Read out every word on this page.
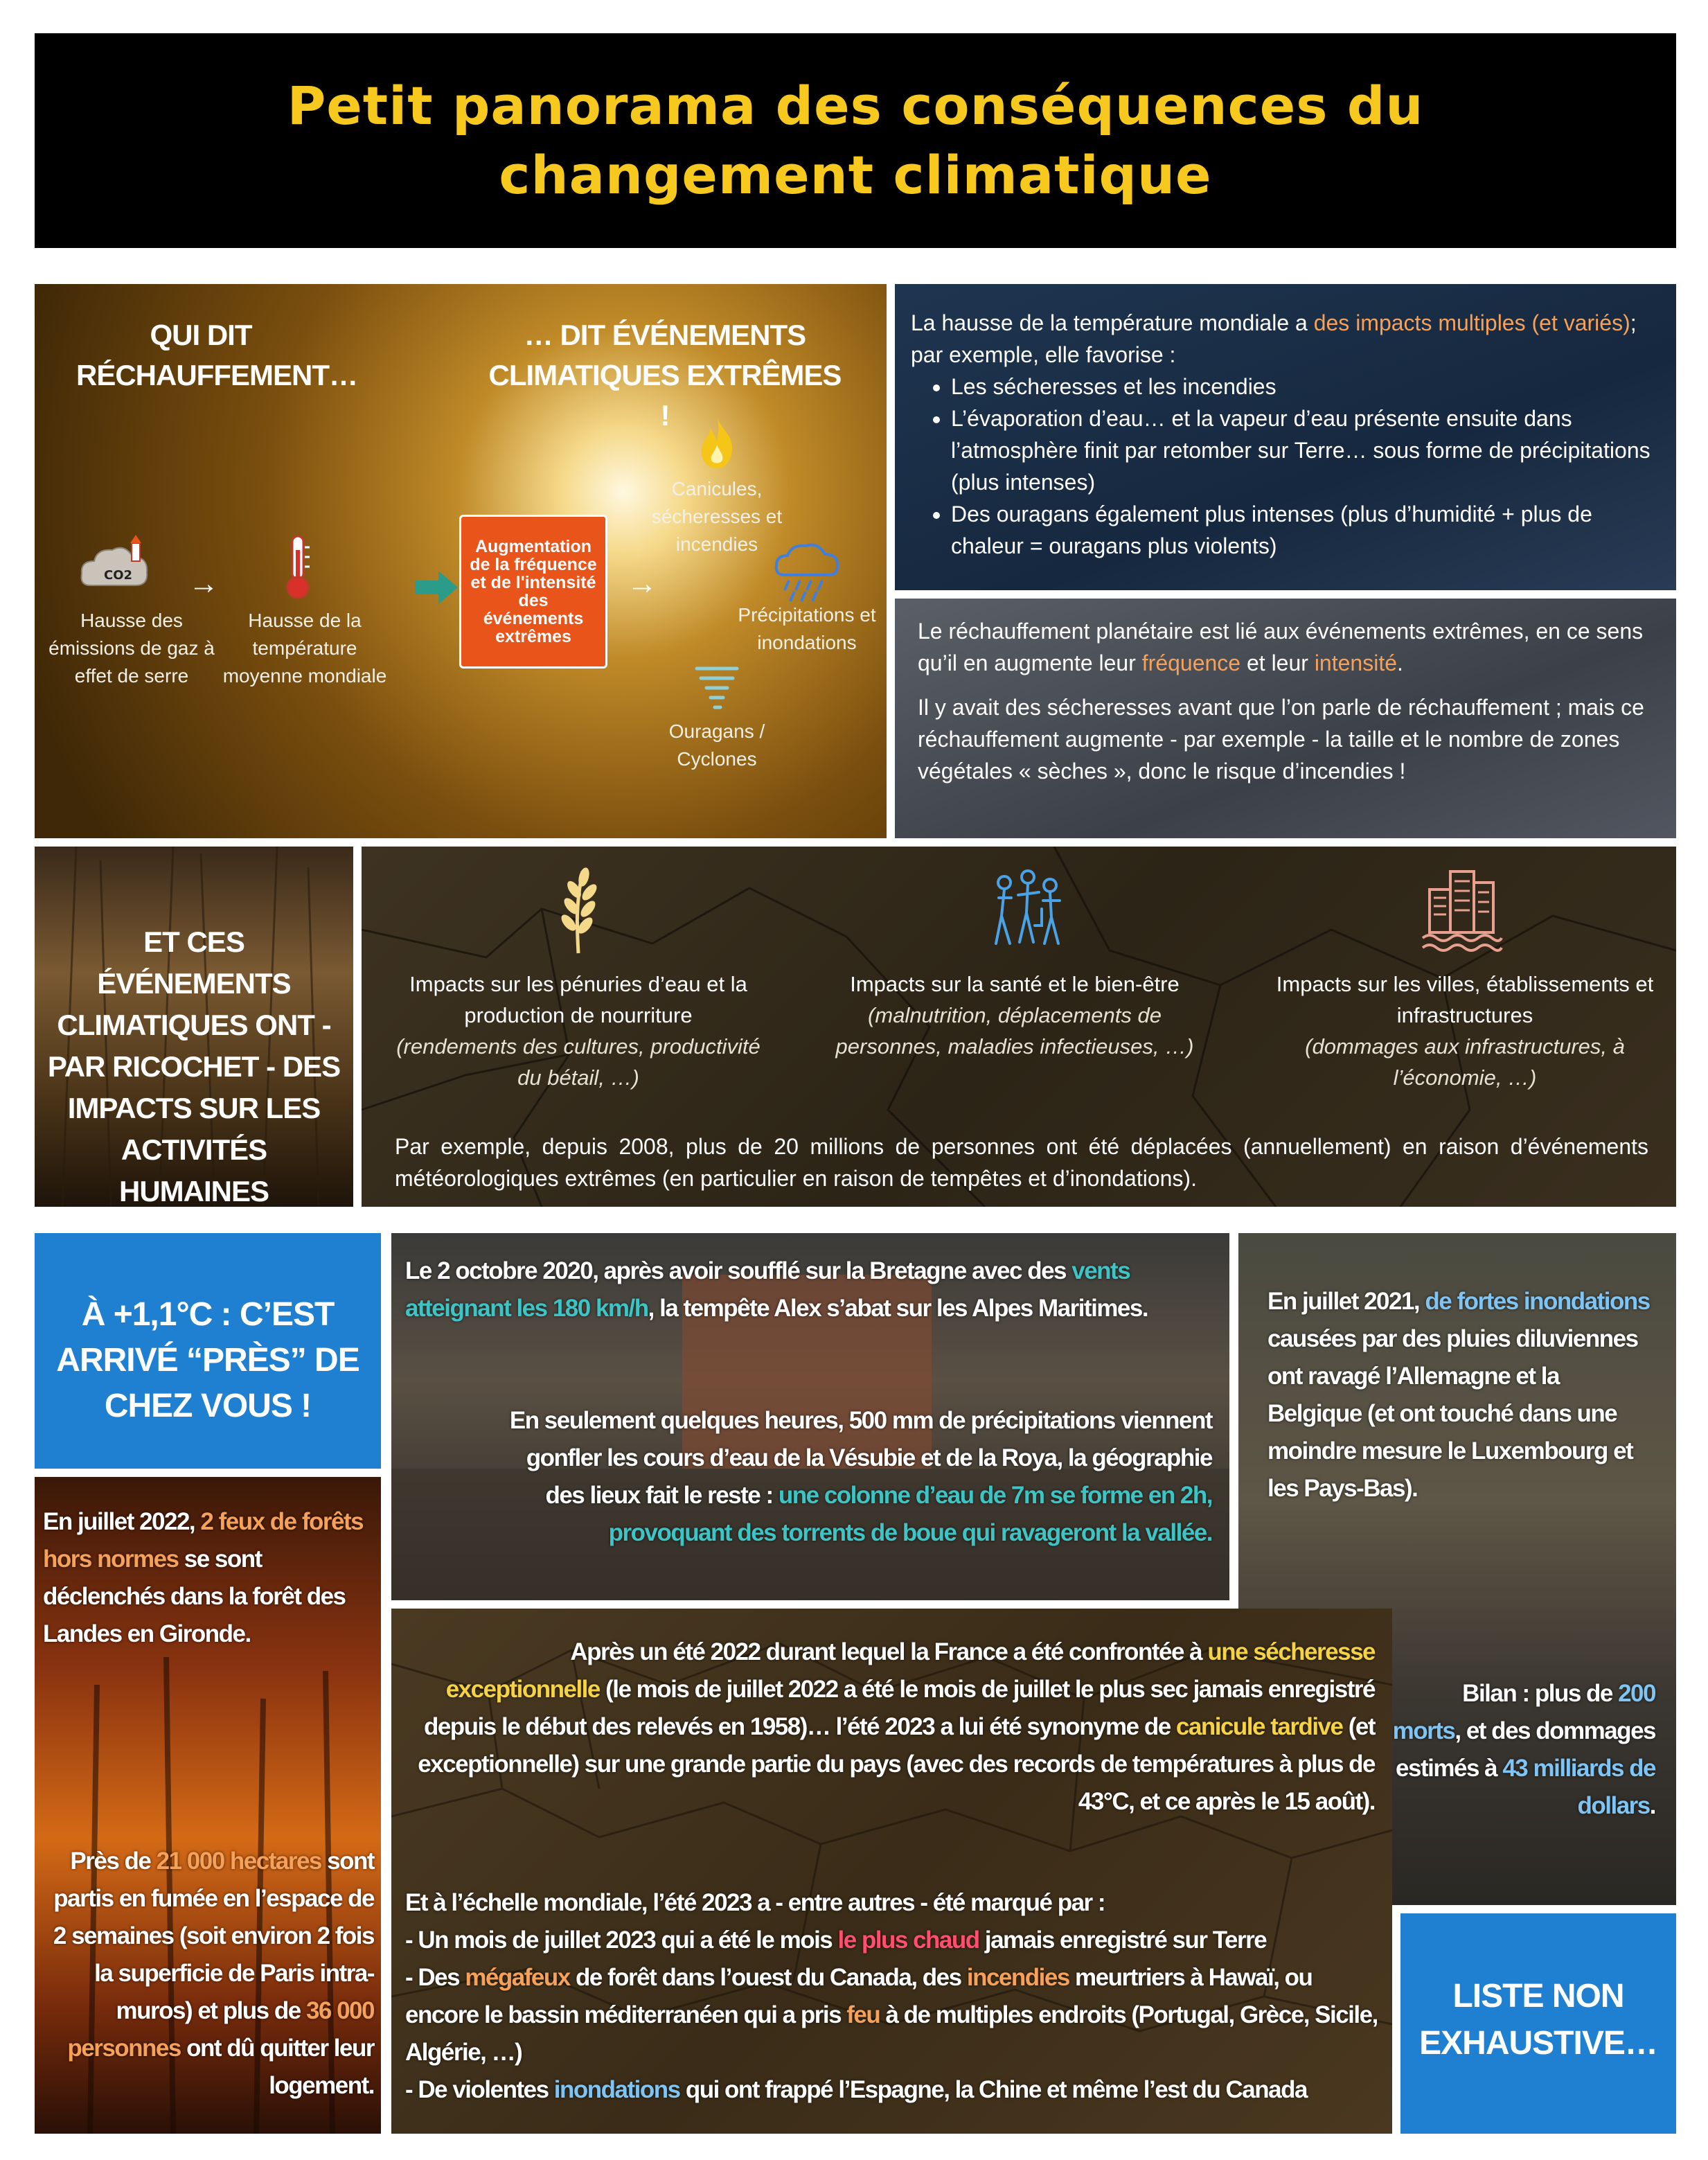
Petit panorama des conséquences du changement climatique
QUI DIT RÉCHAUFFEMENT…
… DIT ÉVÉNEMENTS CLIMATIQUES EXTRÊMES !
CO2
Hausse des émissions de gaz à effet de serre
→
Hausse de la température moyenne mondiale
Augmentation de la fréquence et de l'intensité des événements extrêmes
→
Canicules, sécheresses et incendies
Précipitations et inondations
Ouragans / Cyclones
La hausse de la température mondiale a des impacts multiples (et variés); par exemple, elle favorise :
• Les sécheresses et les incendies
• L’évaporation d’eau… et la vapeur d’eau présente ensuite dans l’atmosphère finit par retomber sur Terre… sous forme de précipitations (plus intenses)
• Des ouragans également plus intenses (plus d’humidité + plus de chaleur = ouragans plus violents)

Le réchauffement planétaire est lié aux événements extrêmes, en ce sens qu’il en augmente leur fréquence et leur intensité.

Il y avait des sécheresses avant que l’on parle de réchauffement ; mais ce réchauffement augmente - par exemple - la taille et le nombre de zones végétales « sèches », donc le risque d’incendies !

ET CES ÉVÉNEMENTS CLIMATIQUES ONT - PAR RICOCHET - DES IMPACTS SUR LES ACTIVITÉS HUMAINES
Impacts sur les pénuries d’eau et la production de nourriture
(rendements des cultures, productivité du bétail, …)
Impacts sur la santé et le bien-être
(malnutrition, déplacements de personnes, maladies infectieuses, …)
Impacts sur les villes, établissements et infrastructures
(dommages aux infrastructures, à l’économie, …)
Par exemple, depuis 2008, plus de 20 millions de personnes ont été déplacées (annuellement) en raison d’événements météorologiques extrêmes (en particulier en raison de tempêtes et d’inondations).
À +1,1°C : C’EST ARRIVÉ “PRÈS” DE CHEZ VOUS !
En juillet 2022, 2 feux de forêts hors normes se sont déclenchés dans la forêt des Landes en Gironde.
Près de 21 000 hectares sont partis en fumée en l’espace de 2 semaines (soit environ 2 fois la superficie de Paris intra-muros) et plus de 36 000 personnes ont dû quitter leur logement.
Le 2 octobre 2020, après avoir soufflé sur la Bretagne avec des vents atteignant les 180 km/h, la tempête Alex s’abat sur les Alpes Maritimes.
En seulement quelques heures, 500 mm de précipitations viennent gonfler les cours d’eau de la Vésubie et de la Roya, la géographie des lieux fait le reste : une colonne d’eau de 7m se forme en 2h, provoquant des torrents de boue qui ravageront la vallée.
En juillet 2021, de fortes inondations causées par des pluies diluviennes ont ravagé l’Allemagne et la Belgique (et ont touché dans une moindre mesure le Luxembourg et les Pays-Bas).
Bilan : plus de 200 morts, et des dommages estimés à 43 milliards de dollars.
Après un été 2022 durant lequel la France a été confrontée à une sécheresse exceptionnelle (le mois de juillet 2022 a été le mois de juillet le plus sec jamais enregistré depuis le début des relevés en 1958)… l’été 2023 a lui été synonyme de canicule tardive (et exceptionnelle) sur une grande partie du pays (avec des records de températures à plus de 43°C, et ce après le 15 août).
Et à l’échelle mondiale, l’été 2023 a - entre autres - été marqué par :
- Un mois de juillet 2023 qui a été le mois le plus chaud jamais enregistré sur Terre
- Des mégafeux de forêt dans l’ouest du Canada, des incendies meurtriers à Hawaï, ou encore le bassin méditerranéen qui a pris feu à de multiples endroits (Portugal, Grèce, Sicile, Algérie, …)
- De violentes inondations qui ont frappé l’Espagne, la Chine et même l’est du Canada
LISTE NON EXHAUSTIVE…
